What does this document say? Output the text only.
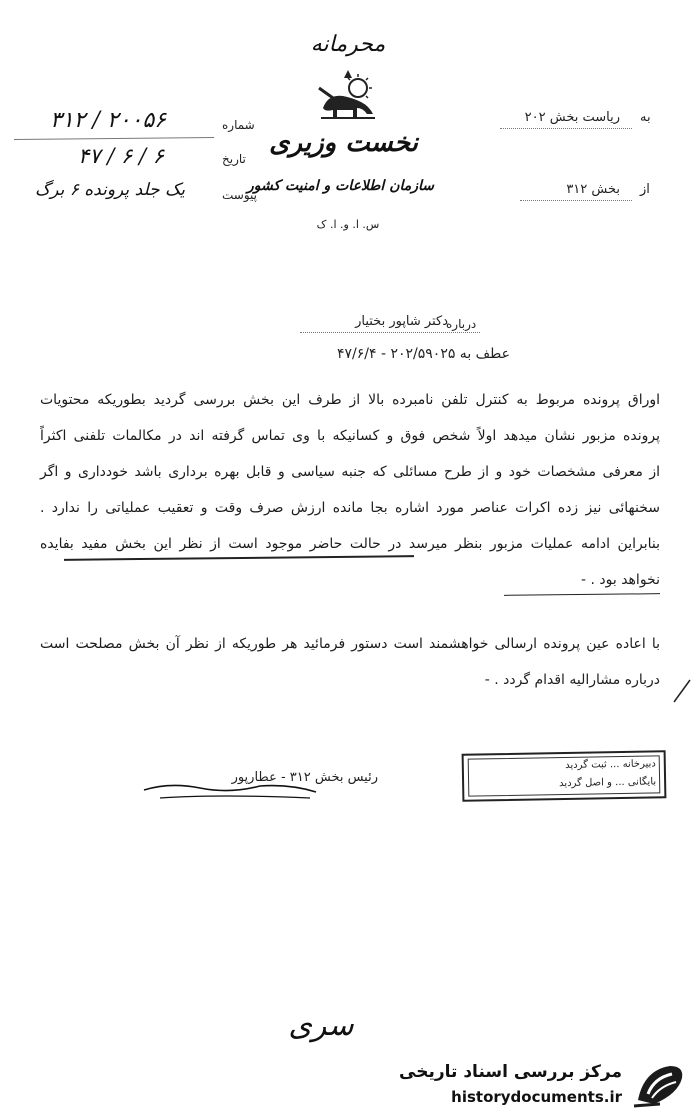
شماره
۲۰۰۵۶ / ۳۱۲
تاریخ
۶ / ۶ / ۴۷
پیوست
یک جلد پرونده ۶ برگ
محرمانه
نخست وزیری
سازمان اطلاعات و امنیت کشور
س. ا. و. ا. ک
به
ریاست بخش ۲۰۲
از
بخش ۳۱۲
درباره
دکتر شاپور بختیار
عطف به ۲۰۲/۵۹۰۲۵ - ۴۷/۶/۴
اوراق پرونده مربوط به کنترل تلفن نامبرده بالا از طرف این بخش بررسی گردید بطوریکه محتویات
پرونده مزبور نشان میدهد اولاً شخص فوق و کسانیکه با وی تماس گرفته اند در مکالمات تلفنی اکثراً
از معرفی مشخصات خود و از طرح مسائلی که جنبه سیاسی و قابل بهره برداری باشد خودداری و اگر
سخنهائی نیز زده اکرات عناصر مورد اشاره بجا مانده ارزش صرف وقت و تعقیب عملیاتی را ندارد .
بنابراین ادامه عملیات مزبور بنظر میرسد در حالت حاضر موجود است از نظر این بخش مفید بفایده
نخواهد بود . -
با اعاده عین پرونده ارسالی خواهشمند است دستور فرمائید هر طوریکه از نظر آن بخش مصلحت است
درباره مشارالیه اقدام گردد . -
رئیس بخش ۳۱۲ - عطارپور
دبیرخانه ... ثبت گردید
بایگانی ... و اصل گردید
سری
مرکز بررسی اسناد تاریخی
historydocuments.ir
